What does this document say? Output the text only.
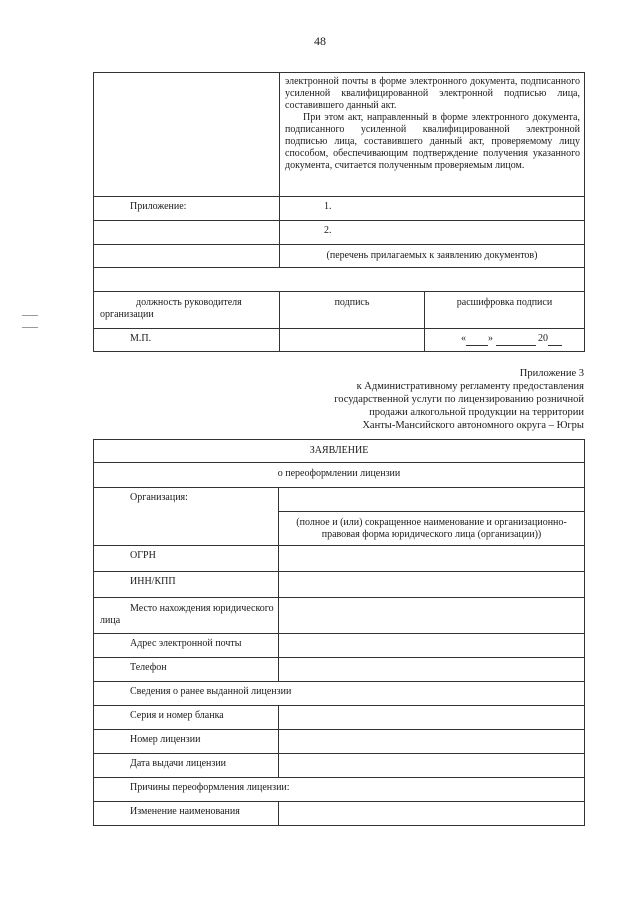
48

	электронной почты в форме электронного документа, подписанного усиленной квалифицированной электронной подписью лица, составившего данный акт.

При этом акт, направленный в форме электронного документа, подписанного усиленной квалифицированной электронной подписью лица, составившего данный акт, проверяемому лицу способом, обеспечивающим подтверждение получения указанного документа, считается полученным проверяемым лицом.	

Приложение:	1.	
	2.	
	(перечень прилагаемых к заявлению документов)	

должность руководителя организации	подпись	расшифровка подписи
М.П.		« » 20
Приложение 3
к Административному регламенту предоставления
государственной услуги по лицензированию розничной
продажи алкогольной продукции на территории
Ханты-Мансийского автономного округа – Югры
ЗАЯВЛЕНИЕ	
о переоформлении лицензии	
Организация:	
	(полное и (или) сокращенное наименование и организационно-правовая форма юридического лица (организации))
ОГРН	
ИНН/КПП	
Место нахождения юридического лица	
Адрес электронной почты	
Телефон	
Сведения о ранее выданной лицензии	
Серия и номер бланка	
Номер лицензии	
Дата выдачи лицензии	
Причины переоформления лицензии:	
Изменение наименования	
